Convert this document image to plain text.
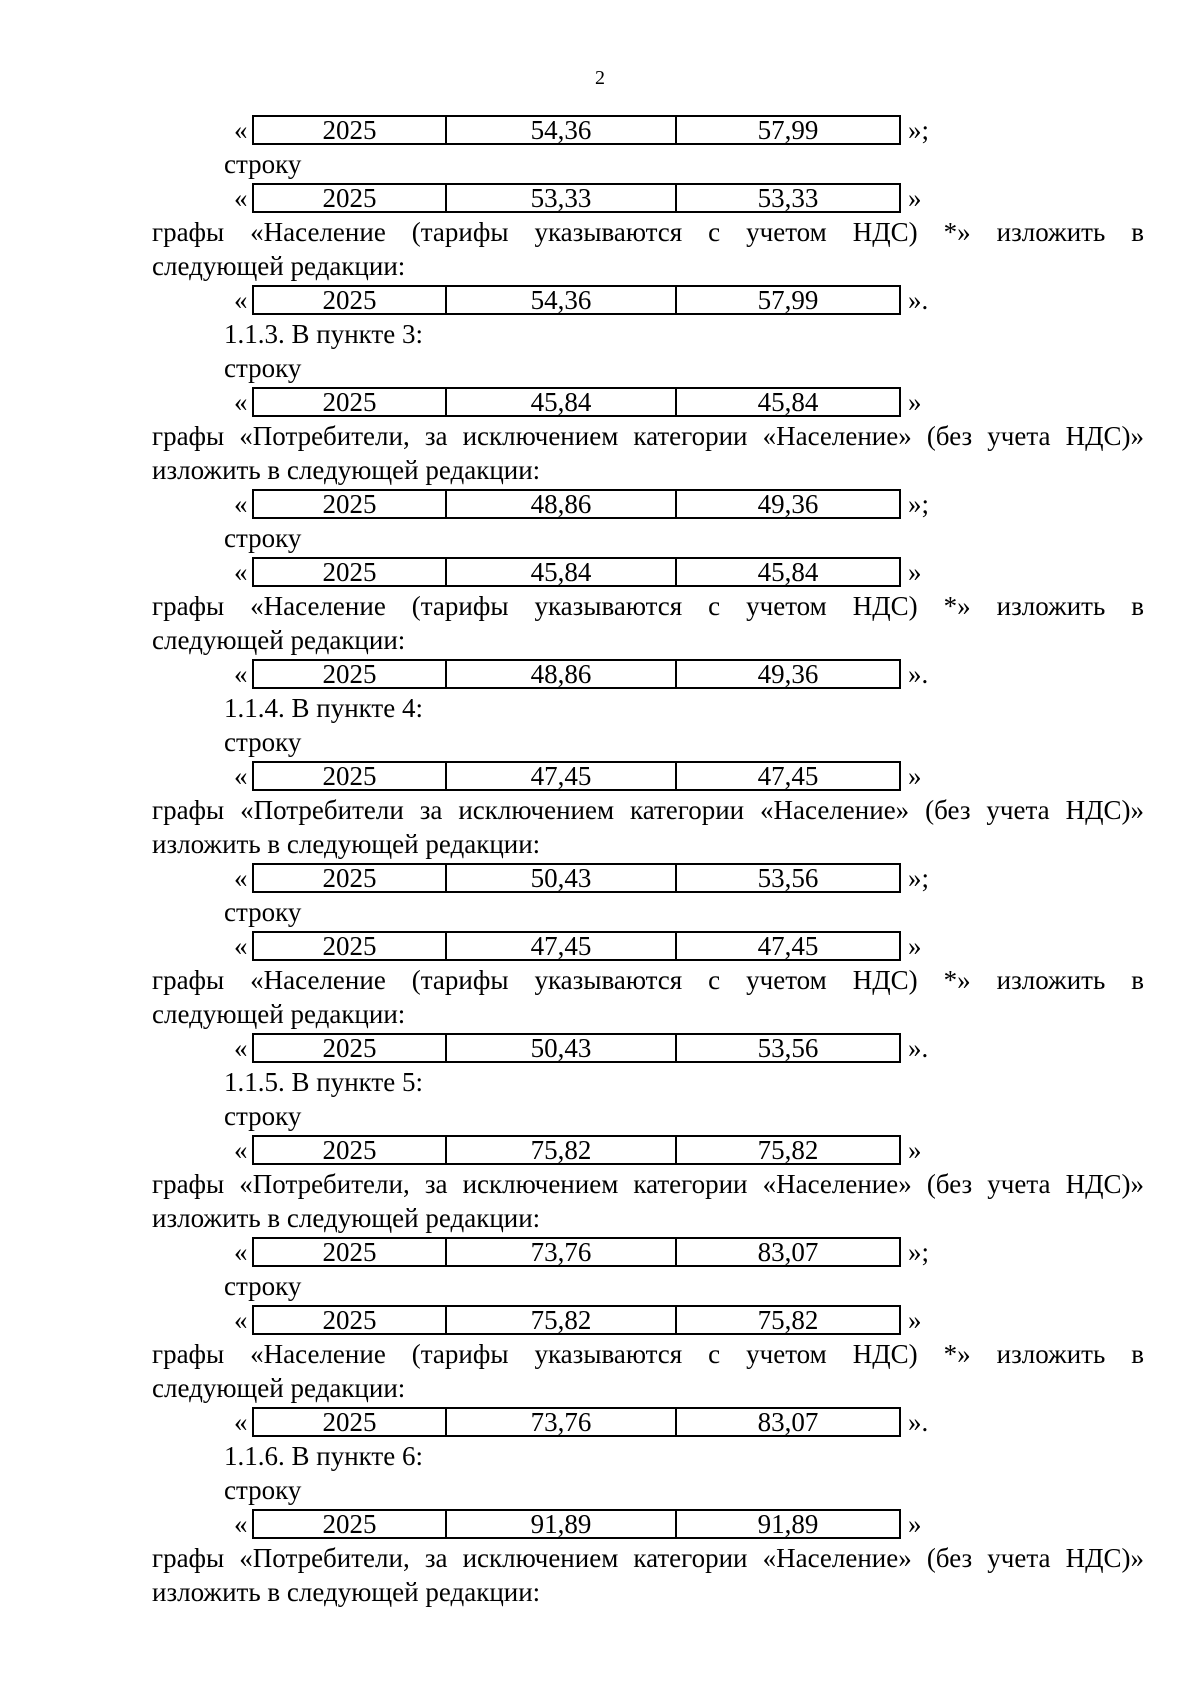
2
«	2025	54,36	57,99	»;
строку
«	2025	53,33	53,33	»
графы «Население (тарифы указываются с учетом НДС) *» изложить в
следующей редакции:
«	2025	54,36	57,99	».
1.1.3. В пункте 3:
строку
«	2025	45,84	45,84	»
графы «Потребители, за исключением категории «Население» (без учета НДС)»
изложить в следующей редакции:
«	2025	48,86	49,36	»;
строку
«	2025	45,84	45,84	»
графы «Население (тарифы указываются с учетом НДС) *» изложить в
следующей редакции:
«	2025	48,86	49,36	».
1.1.4. В пункте 4:
строку
«	2025	47,45	47,45	»
графы «Потребители за исключением категории «Население» (без учета НДС)»
изложить в следующей редакции:
«	2025	50,43	53,56	»;
строку
«	2025	47,45	47,45	»
графы «Население (тарифы указываются с учетом НДС) *» изложить в
следующей редакции:
«	2025	50,43	53,56	».
1.1.5. В пункте 5:
строку
«	2025	75,82	75,82	»
графы «Потребители, за исключением категории «Население» (без учета НДС)»
изложить в следующей редакции:
«	2025	73,76	83,07	»;
строку
«	2025	75,82	75,82	»
графы «Население (тарифы указываются с учетом НДС) *» изложить в
следующей редакции:
«	2025	73,76	83,07	».
1.1.6. В пункте 6:
строку
«	2025	91,89	91,89	»
графы «Потребители, за исключением категории «Население» (без учета НДС)»
изложить в следующей редакции:
